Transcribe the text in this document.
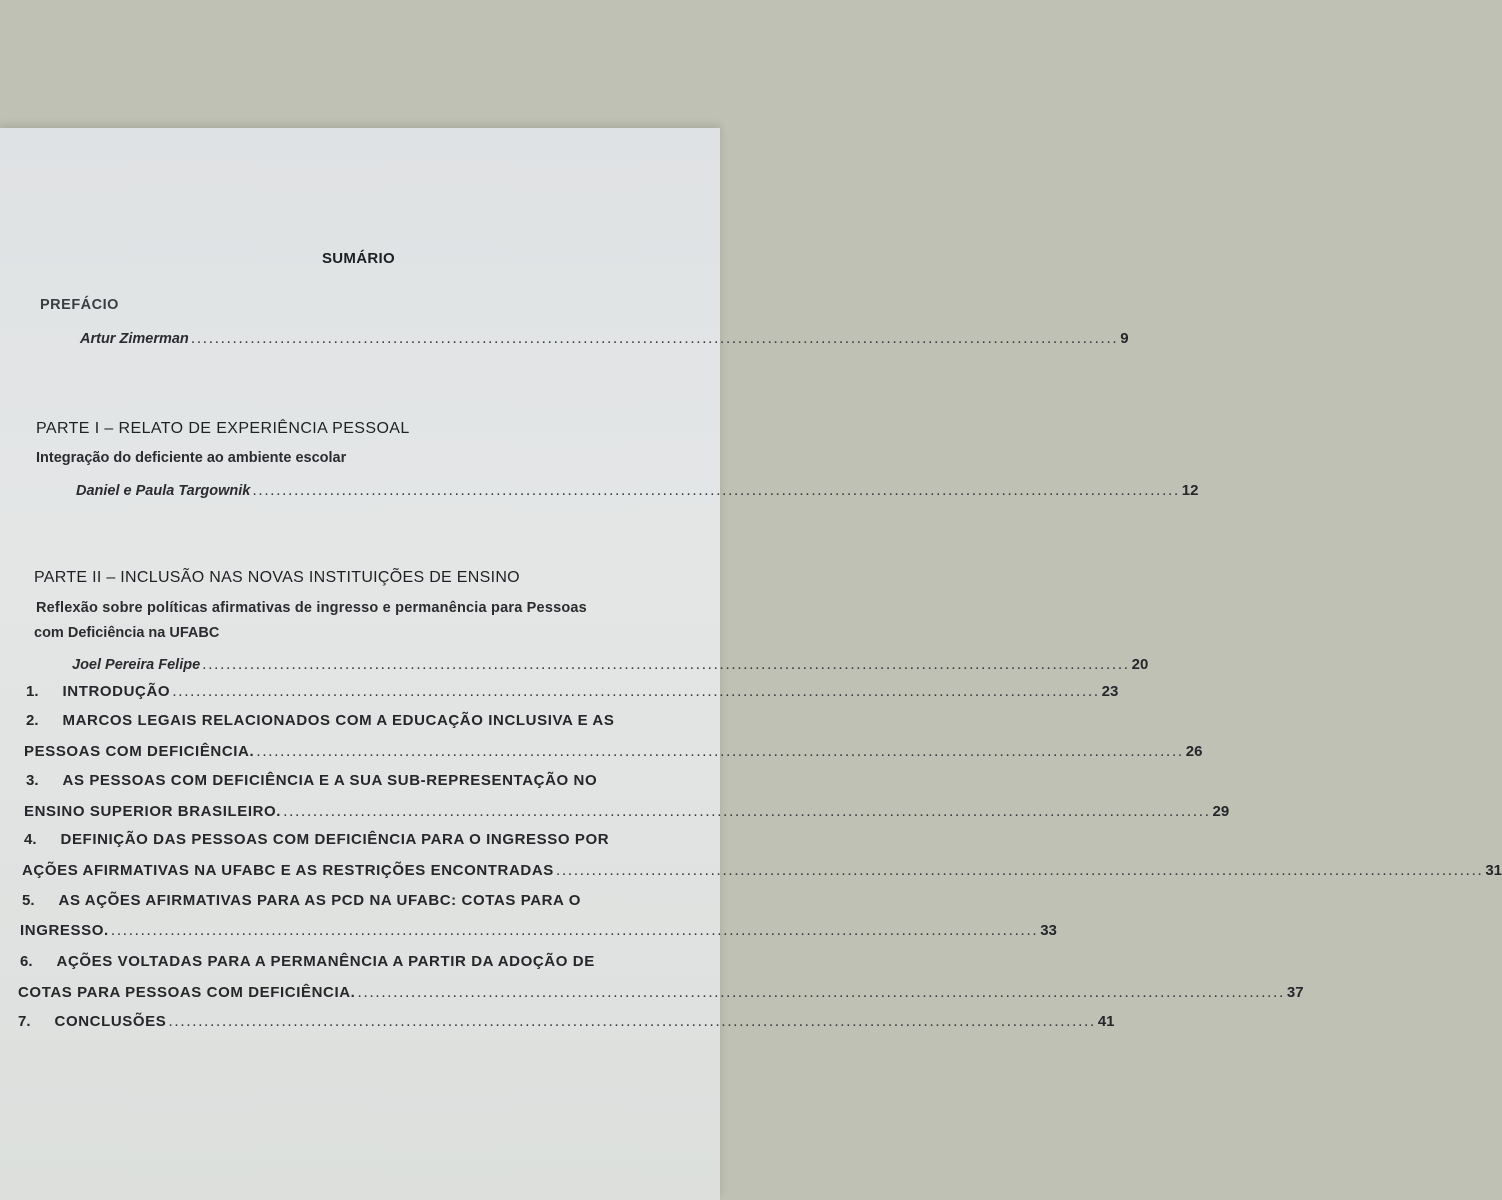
SUMÁRIO
PREFÁCIO
Artur Zimerman ............................................................................................................................................................ 9
PARTE I – RELATO DE EXPERIÊNCIA PESSOAL
Integração do deficiente ao ambiente escolar
Daniel e Paula Targownik ............................................................................................................................................................ 12
PARTE II – INCLUSÃO NAS NOVAS INSTITUIÇÕES DE ENSINO
Reflexão sobre políticas afirmativas de ingresso e permanência para Pessoas
com Deficiência na UFABC
Joel Pereira Felipe ............................................................................................................................................................ 20
1. INTRODUÇÃO ............................................................................................................................................................ 23
2. MARCOS LEGAIS RELACIONADOS COM A EDUCAÇÃO INCLUSIVA E AS
PESSOAS COM DEFICIÊNCIA. ............................................................................................................................................................ 26
3. AS PESSOAS COM DEFICIÊNCIA E A SUA SUB-REPRESENTAÇÃO NO
ENSINO SUPERIOR BRASILEIRO. ............................................................................................................................................................ 29
4. DEFINIÇÃO DAS PESSOAS COM DEFICIÊNCIA PARA O INGRESSO POR
AÇÕES AFIRMATIVAS NA UFABC E AS RESTRIÇÕES ENCONTRADAS ............................................................................................................................................................ 31
5. AS AÇÕES AFIRMATIVAS PARA AS PCD NA UFABC: COTAS PARA O
INGRESSO. ............................................................................................................................................................ 33
6. AÇÕES VOLTADAS PARA A PERMANÊNCIA A PARTIR DA ADOÇÃO DE
COTAS PARA PESSOAS COM DEFICIÊNCIA. ............................................................................................................................................................ 37
7. CONCLUSÕES ............................................................................................................................................................ 41
